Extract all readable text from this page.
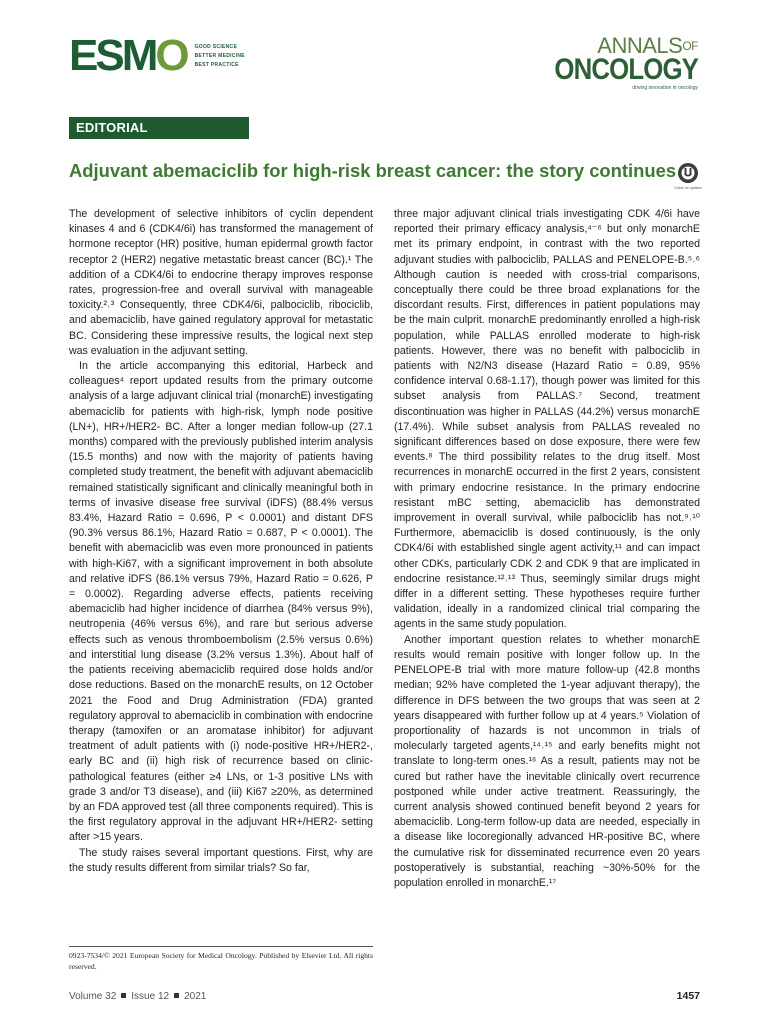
E S M O GOOD SCIENCE
BETTER MEDICINE
BEST PRACTICE
$ANNALS^{OF}$
ONCOLOGY
driving innovation in oncology
EDITORIAL
Adjuvant abemaciclib for high-risk breast cancer: the story continues
Check for updates

The development of selective inhibitors of cyclin dependent kinases 4 and 6 (CDK4/6i) has transformed the management of hormone receptor (HR) positive, human epidermal growth factor receptor 2 (HER2) negative metastatic breast cancer (BC).¹ The addition of a CDK4/6i to endocrine therapy improves response rates, progression-free and overall survival with manageable toxicity.²˒³ Consequently, three CDK4/6i, palbociclib, ribociclib, and abemaciclib, have gained regulatory approval for metastatic BC. Considering these impressive results, the logical next step was evaluation in the adjuvant setting.

In the article accompanying this editorial, Harbeck and colleagues⁴ report updated results from the primary outcome analysis of a large adjuvant clinical trial (monarchE) investigating abemaciclib for patients with high-risk, lymph node positive (LN+), HR+/HER2- BC. After a longer median follow-up (27.1 months) compared with the previously published interim analysis (15.5 months) and now with the majority of patients having completed study treatment, the benefit with adjuvant abemaciclib remained statistically significant and clinically meaningful both in terms of invasive disease free survival (iDFS) (88.4% versus 83.4%, Hazard Ratio = 0.696, P < 0.0001) and distant DFS (90.3% versus 86.1%, Hazard Ratio = 0.687, P < 0.0001). The benefit with abemaciclib was even more pronounced in patients with high-Ki67, with a significant improvement in both absolute and relative iDFS (86.1% versus 79%, Hazard Ratio = 0.626, P = 0.0002). Regarding adverse effects, patients receiving abemaciclib had higher incidence of diarrhea (84% versus 9%), neutropenia (46% versus 6%), and rare but serious adverse effects such as venous thromboembolism (2.5% versus 0.6%) and interstitial lung disease (3.2% versus 1.3%). About half of the patients receiving abemaciclib required dose holds and/or dose reductions. Based on the monarchE results, on 12 October 2021 the Food and Drug Administration (FDA) granted regulatory approval to abemaciclib in combination with endocrine therapy (tamoxifen or an aromatase inhibitor) for adjuvant treatment of adult patients with (i) node-positive HR+/HER2-, early BC and (ii) high risk of recurrence based on clinic-pathological features (either ≥4 LNs, or 1-3 positive LNs with grade 3 and/or T3 disease), and (iii) Ki67 ≥20%, as determined by an FDA approved test (all three components required). This is the first regulatory approval in the adjuvant HR+/HER2- setting after >15 years.

The study raises several important questions. First, why are the study results different from similar trials? So far,

three major adjuvant clinical trials investigating CDK 4/6i have reported their primary efficacy analysis,⁴⁻⁶ but only monarchE met its primary endpoint, in contrast with the two reported adjuvant studies with palbociclib, PALLAS and PENELOPE-B.⁵˒⁶ Although caution is needed with cross-trial comparisons, conceptually there could be three broad explanations for the discordant results. First, differences in patient populations may be the main culprit. monarchE predominantly enrolled a high-risk population, while PALLAS enrolled moderate to high-risk patients. However, there was no benefit with palbociclib in patients with N2/N3 disease (Hazard Ratio = 0.89, 95% confidence interval 0.68-1.17), though power was limited for this subset analysis from PALLAS.⁷ Second, treatment discontinuation was higher in PALLAS (44.2%) versus monarchE (17.4%). While subset analysis from PALLAS revealed no significant differences based on dose exposure, there were few events.⁸ The third possibility relates to the drug itself. Most recurrences in monarchE occurred in the first 2 years, consistent with primary endocrine resistance. In the primary endocrine resistant mBC setting, abemaciclib has demonstrated improvement in overall survival, while palbociclib has not.⁹˒¹⁰ Furthermore, abemaciclib is dosed continuously, is the only CDK4/6i with established single agent activity,¹¹ and can impact other CDKs, particularly CDK 2 and CDK 9 that are implicated in endocrine resistance.¹²˒¹³ Thus, seemingly similar drugs might differ in a different setting. These hypotheses require further validation, ideally in a randomized clinical trial comparing the agents in the same study population.

Another important question relates to whether monarchE results would remain positive with longer follow up. In the PENELOPE-B trial with more mature follow-up (42.8 months median; 92% have completed the 1-year adjuvant therapy), the difference in DFS between the two groups that was seen at 2 years disappeared with further follow up at 4 years.⁵ Violation of proportionality of hazards is not uncommon in trials of molecularly targeted agents,¹⁴˒¹⁵ and early benefits might not translate to long-term ones.¹⁶ As a result, patients may not be cured but rather have the inevitable clinically overt recurrence postponed while under active treatment. Reassuringly, the current analysis showed continued benefit beyond 2 years for abemaciclib. Long-term follow-up data are needed, especially in a disease like locoregionally advanced HR-positive BC, where the cumulative risk for disseminated recurrence even 20 years postoperatively is substantial, reaching ~30%-50% for the population enrolled in monarchE.¹⁷

0923-7534/© 2021 European Society for Medical Oncology. Published by Elsevier Ltd. All rights reserved.
Volume 32 Issue 12 2021	1457
